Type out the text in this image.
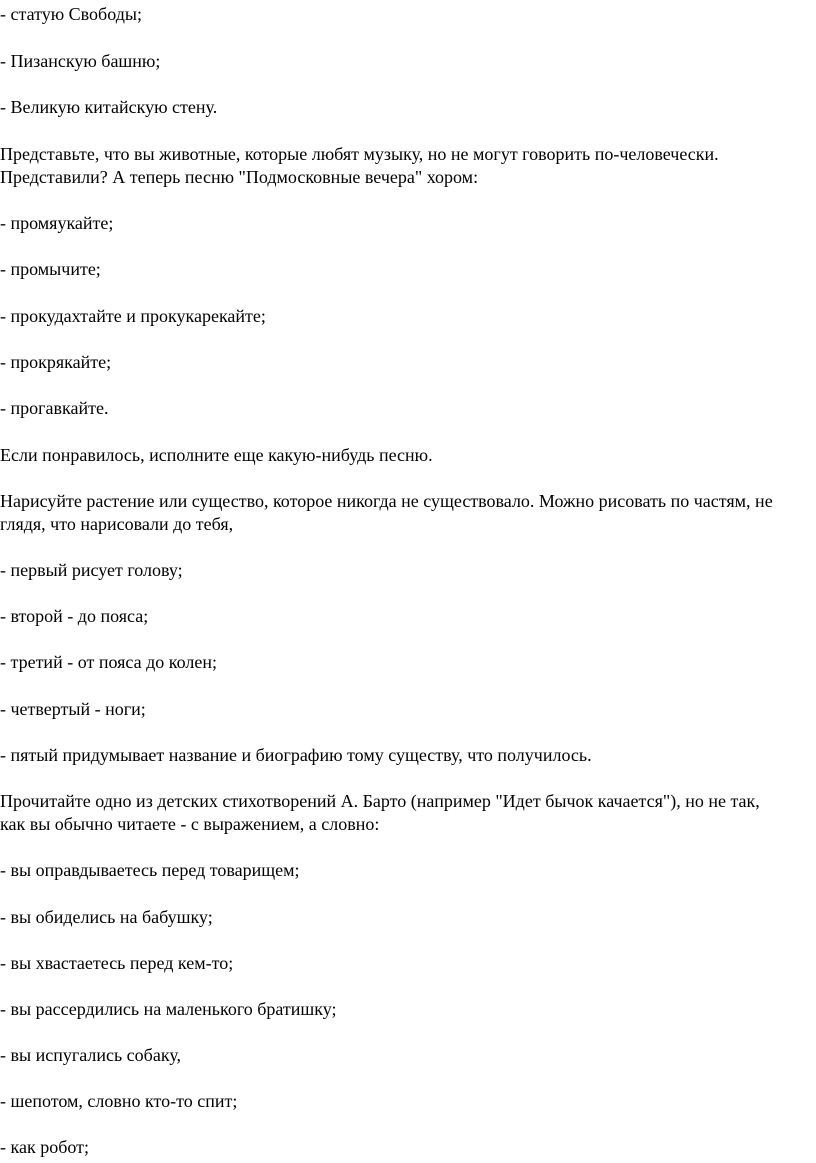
- статую Свободы;
- Пизанскую башню;
- Великую китайскую стену.
Представьте, что вы животные, которые любят музыку, но не могут говорить по-человечески.
Представили? А теперь песню "Подмосковные вечера" хором:
- промяукайте;
- промычите;
- прокудахтайте и прокукарекайте;
- прокрякайте;
- прогавкайте.
Если понравилось, исполните еще какую-нибудь песню.
Нарисуйте растение или существо, которое никогда не существовало. Можно рисовать по частям, не
глядя, что нарисовали до тебя,
- первый рисует голову;
- второй - до пояса;
- третий - от пояса до колен;
- четвертый - ноги;
- пятый придумывает название и биографию тому существу, что получилось.
Прочитайте одно из детских стихотворений А. Барто (например "Идет бычок качается"), но не так,
как вы обычно читаете - с выражением, а словно:
- вы оправдываетесь перед товарищем;
- вы обиделись на бабушку;
- вы хвастаетесь перед кем-то;
- вы рассердились на маленького братишку;
- вы испугались собаку,
- шепотом, словно кто-то спит;
- как робот;
